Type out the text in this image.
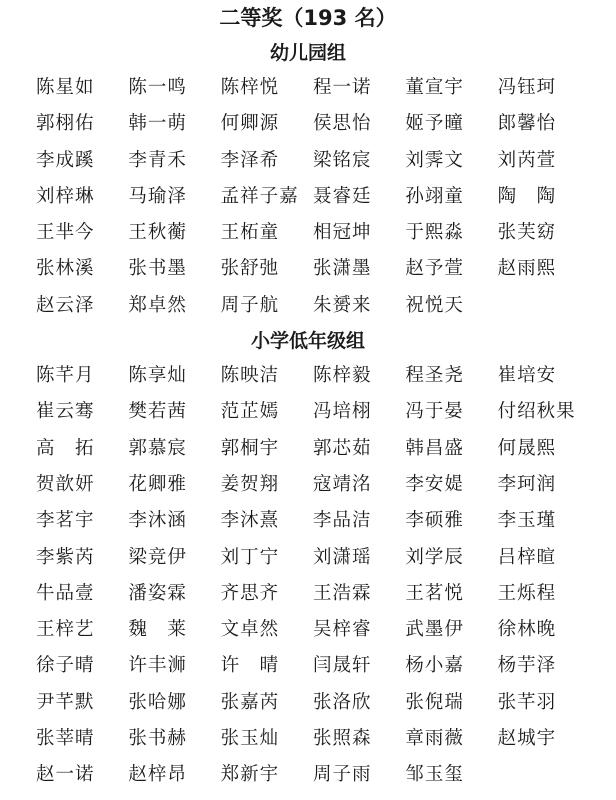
二等奖（193 名）
幼儿园组
陈星如	陈一鸣	陈梓悦	程一诺	董宣宇	冯钰珂
郭栩佑	韩一萌	何卿源	侯思怡	姬予曈	郎馨怡
李成蹊	李青禾	李泽希	梁铭宸	刘霁文	刘芮萱
刘梓琳	马瑜泽	孟祥子嘉 聂睿廷	孙翊童	陶　陶
王芈今	王秋蘅	王柘童	相冠坤	于熙淼	张芙窈
张林溪	张书墨	张舒弛	张潇墨	赵予萱	赵雨熙
赵云泽	郑卓然	周子航	朱赟来	祝悦天
小学低年级组
陈芊月	陈享灿	陈映洁	陈梓毅	程圣尧	崔培安
崔云骞	樊若茜	范芷嫣	冯培栩	冯于晏	付绍秋果
高　拓	郭慕宸	郭桐宇	郭芯茹	韩昌盛	何晟熙
贺歆妍	花卿雅	姜贺翔	寇靖洺	李安媞	李珂润
李茗宇	李沐涵	李沐熹	李品洁	李硕雅	李玉瑾
李紫芮	梁竞伊	刘丁宁	刘潇瑶	刘学辰	吕梓暄
牛品壹	潘姿霖	齐思齐	王浩霖	王茗悦	王烁程
王梓艺	魏　莱	文卓然	吴梓睿	武墨伊	徐林晚
徐子晴	许丰浉	许　晴	闫晟轩	杨小嘉	杨芋泽
尹芊默	张哈娜	张嘉芮	张洛欣	张倪瑞	张芊羽
张莘晴	张书赫	张玉灿	张照森	章雨薇	赵城宇
赵一诺	赵梓昂	郑新宇	周子雨	邹玉玺
